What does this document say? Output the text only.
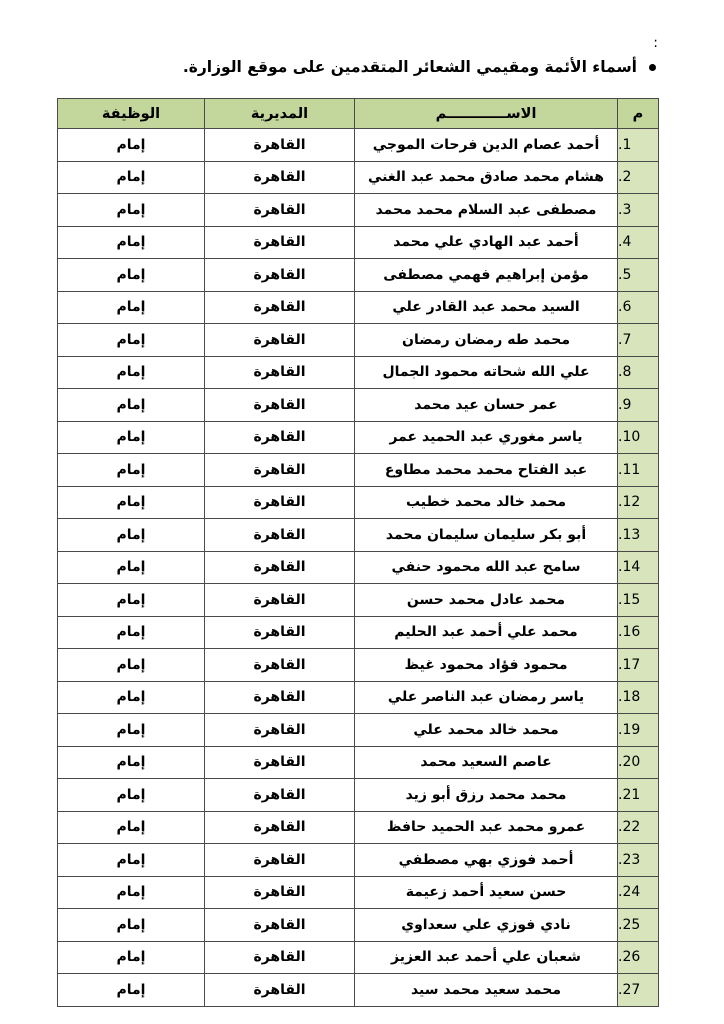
:
أسماء الأئمة ومقيمي الشعائر المتقدمين على موقع الوزارة.
م	الاســــــــــــم	المديرية	الوظيفة
1.	أحمد عصام الدين فرحات الموجي	القاهرة	إمام
2.	هشام محمد صادق محمد عبد الغني	القاهرة	إمام
3.	مصطفى عبد السلام محمد محمد	القاهرة	إمام
4.	أحمد عبد الهادي علي محمد	القاهرة	إمام
5.	مؤمن إبراهيم فهمي مصطفى	القاهرة	إمام
6.	السيد محمد عبد القادر علي	القاهرة	إمام
7.	محمد طه رمضان رمضان	القاهرة	إمام
8.	علي الله شحاته محمود الجمال	القاهرة	إمام
9.	عمر حسان عيد محمد	القاهرة	إمام
10.	ياسر مغوري عبد الحميد عمر	القاهرة	إمام
11.	عبد الفتاح محمد محمد مطاوع	القاهرة	إمام
12.	محمد خالد محمد خطيب	القاهرة	إمام
13.	أبو بكر سليمان سليمان محمد	القاهرة	إمام
14.	سامح عبد الله محمود حنفي	القاهرة	إمام
15.	محمد عادل محمد حسن	القاهرة	إمام
16.	محمد علي أحمد عبد الحليم	القاهرة	إمام
17.	محمود فؤاد محمود غيظ	القاهرة	إمام
18.	ياسر رمضان عبد الناصر علي	القاهرة	إمام
19.	محمد خالد محمد علي	القاهرة	إمام
20.	عاصم السعيد محمد	القاهرة	إمام
21.	محمد محمد رزق أبو زيد	القاهرة	إمام
22.	عمرو محمد عبد الحميد حافظ	القاهرة	إمام
23.	أحمد فوزي بهي مصطفي	القاهرة	إمام
24.	حسن سعيد أحمد زعيمة	القاهرة	إمام
25.	نادي فوزي علي سعداوي	القاهرة	إمام
26.	شعبان علي أحمد عبد العزيز	القاهرة	إمام
27.	محمد سعيد محمد سيد	القاهرة	إمام
